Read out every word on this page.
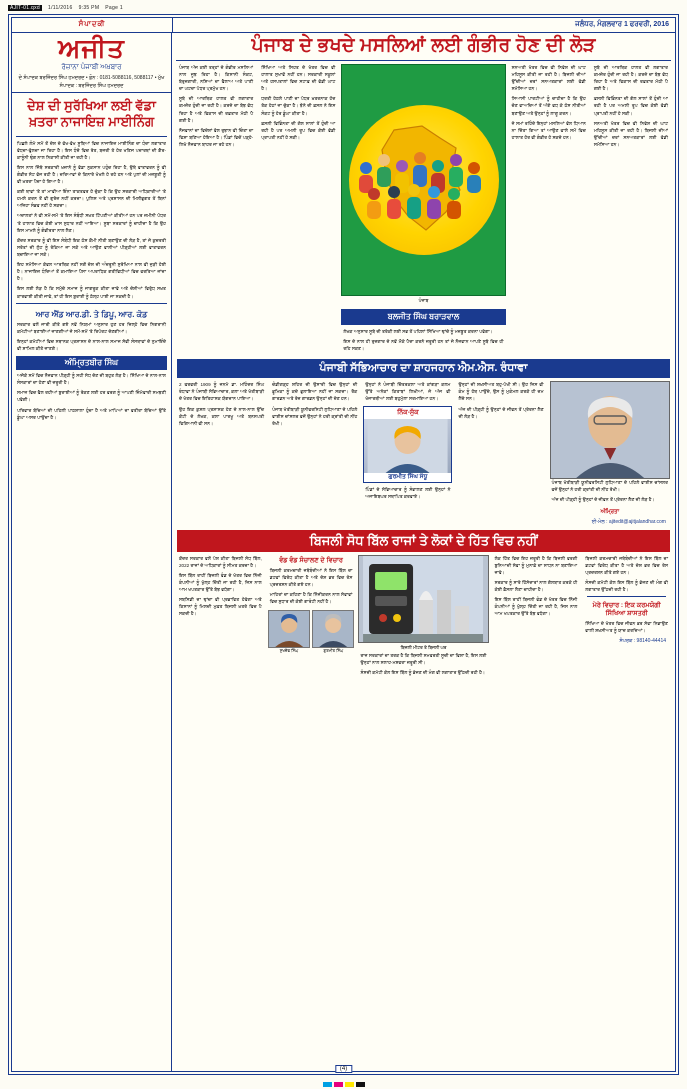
AJIT-01.qxd	1/11/2016 9:35 PM Page 1
ਸੰਪਾਦਕੀ	ਜਲੰਧਰ, ਮੰਗਲਵਾਰ 1 ਫਰਵਰੀ, 2016
ਅਜੀਤ
ਰੋਜ਼ਾਨਾ ਪੰਜਾਬੀ ਅਖ਼ਬਾਰ
ਦੇ ਸੰਪਾਦਕ ਬਰਜਿੰਦਰ ਸਿੰਘ ਹਮਦਰਦ • ਫ਼ੋਨ : 0181-5088116, 5088117 • ਮੁੱਖ ਸੰਪਾਦਕ : ਬਰਜਿੰਦਰ ਸਿੰਘ ਹਮਦਰਦ
ਦੇਸ਼ ਦੀ ਸੁਰੱਖਿਆ ਲਈ ਵੱਡਾ ਖ਼ਤਰਾ ਨਾਜਾਇਜ਼ ਮਾਈਨਿੰਗ

ਪਿਛਲੇ ਲੰਮੇ ਸਮੇਂ ਤੋਂ ਦੇਸ਼ ਦੇ ਵੱਖ-ਵੱਖ ਸੂਬਿਆਂ ਵਿਚ ਨਾਜਾਇਜ਼ ਮਾਈਨਿੰਗ ਦਾ ਧੰਦਾ ਲਗਾਤਾਰ ਵੱਧਦਾ-ਫੁੱਲਦਾ ਜਾ ਰਿਹਾ ਹੈ। ਇਸ ਧੰਦੇ ਵਿਚ ਰੇਤ, ਬਜਰੀ ਤੇ ਹੋਰ ਖਣਿਜ ਪਦਾਰਥਾਂ ਦੀ ਗ਼ੈਰ-ਕਾਨੂੰਨੀ ਢੰਗ ਨਾਲ ਨਿਕਾਸੀ ਕੀਤੀ ਜਾ ਰਹੀ ਹੈ।

ਇਸ ਨਾਲ ਜਿੱਥੇ ਸਰਕਾਰੀ ਖ਼ਜ਼ਾਨੇ ਨੂੰ ਵੱਡਾ ਨੁਕਸਾਨ ਪਹੁੰਚ ਰਿਹਾ ਹੈ, ਉਥੇ ਵਾਤਾਵਰਨ ਨੂੰ ਵੀ ਗੰਭੀਰ ਸੱਟ ਵੱਜ ਰਹੀ ਹੈ। ਦਰਿਆਵਾਂ ਦੇ ਕਿਨਾਰੇ ਖੋਖਲੇ ਹੋ ਰਹੇ ਹਨ ਅਤੇ ਪੁਲਾਂ ਦੀ ਮਜ਼ਬੂਤੀ ਨੂੰ ਵੀ ਖ਼ਤਰਾ ਪੈਦਾ ਹੋ ਗਿਆ ਹੈ।

ਕਈ ਥਾਵਾਂ 'ਤੇ ਤਾਂ ਮਾਫੀਆ ਇੰਨਾ ਤਾਕਤਵਰ ਹੋ ਚੁੱਕਾ ਹੈ ਕਿ ਉਹ ਸਰਕਾਰੀ ਅਧਿਕਾਰੀਆਂ 'ਤੇ ਹਮਲੇ ਕਰਨ ਤੋਂ ਵੀ ਗੁਰੇਜ਼ ਨਹੀਂ ਕਰਦਾ। ਪੁਲਿਸ ਅਤੇ ਪ੍ਰਸ਼ਾਸਨ ਦੀ ਮਿਲੀਭੁਗਤ ਤੋਂ ਬਿਨਾਂ ਅਜਿਹਾ ਸੰਭਵ ਨਹੀਂ ਹੋ ਸਕਦਾ।

ਅਦਾਲਤਾਂ ਨੇ ਵੀ ਸਮੇਂ-ਸਮੇਂ 'ਤੇ ਇਸ ਸੰਬੰਧੀ ਸਖ਼ਤ ਟਿੱਪਣੀਆਂ ਕੀਤੀਆਂ ਹਨ ਪਰ ਜ਼ਮੀਨੀ ਪੱਧਰ 'ਤੇ ਹਾਲਾਤ ਵਿਚ ਕੋਈ ਖ਼ਾਸ ਸੁਧਾਰ ਨਹੀਂ ਆਇਆ। ਸੂਬਾ ਸਰਕਾਰਾਂ ਨੂੰ ਚਾਹੀਦਾ ਹੈ ਕਿ ਉਹ ਇਸ ਮਾਮਲੇ ਨੂੰ ਗੰਭੀਰਤਾ ਨਾਲ ਲੈਣ।

ਕੇਂਦਰ ਸਰਕਾਰ ਨੂੰ ਵੀ ਇਸ ਸੰਬੰਧੀ ਇਕ ਠੋਸ ਕੌਮੀ ਨੀਤੀ ਬਣਾਉਣ ਦੀ ਲੋੜ ਹੈ, ਤਾਂ ਜੋ ਕੁਦਰਤੀ ਸਰੋਤਾਂ ਦੀ ਲੁੱਟ ਨੂੰ ਰੋਕਿਆ ਜਾ ਸਕੇ ਅਤੇ ਆਉਣ ਵਾਲੀਆਂ ਪੀੜ੍ਹੀਆਂ ਲਈ ਵਾਤਾਵਰਨ ਬਚਾਇਆ ਜਾ ਸਕੇ।

ਇਹ ਸਮੱਸਿਆ ਕੇਵਲ ਆਰਥਿਕ ਨਹੀਂ ਸਗੋਂ ਦੇਸ਼ ਦੀ ਅੰਦਰੂਨੀ ਸੁਰੱਖਿਆ ਨਾਲ ਵੀ ਜੁੜੀ ਹੋਈ ਹੈ। ਨਾਜਾਇਜ਼ ਧੰਦਿਆਂ ਤੋਂ ਕਮਾਇਆ ਪੈਸਾ ਅਪਰਾਧਿਕ ਗਤੀਵਿਧੀਆਂ ਵਿਚ ਵਰਤਿਆ ਜਾਂਦਾ ਹੈ।

ਇਸ ਲਈ ਲੋੜ ਹੈ ਕਿ ਸਮੁੱਚੇ ਸਮਾਜ ਨੂੰ ਜਾਗਰੂਕ ਕੀਤਾ ਜਾਵੇ ਅਤੇ ਦੋਸ਼ੀਆਂ ਵਿਰੁੱਧ ਸਖ਼ਤ ਕਾਰਵਾਈ ਕੀਤੀ ਜਾਵੇ, ਤਾਂ ਹੀ ਇਸ ਬੁਰਾਈ ਨੂੰ ਠੱਲ੍ਹ ਪਾਈ ਜਾ ਸਕਦੀ ਹੈ।

ਆਰ ਐਂਡ ਆਰ.ਡੀ. ਤੇ ਡਿਪੂ, ਆਰ. ਕੋਡ

ਸਰਕਾਰ ਵਲੋਂ ਜਾਰੀ ਕੀਤੇ ਗਏ ਨਵੇਂ ਨਿਯਮਾਂ ਅਨੁਸਾਰ ਹੁਣ ਹਰ ਜ਼ਿਲ੍ਹੇ ਵਿਚ ਨਿਗਰਾਨੀ ਕਮੇਟੀਆਂ ਬਣਾਈਆਂ ਜਾਣਗੀਆਂ ਜੋ ਸਮੇਂ-ਸਮੇਂ 'ਤੇ ਰਿਪੋਰਟ ਦੇਣਗੀਆਂ।

ਇਨ੍ਹਾਂ ਕਮੇਟੀਆਂ ਵਿਚ ਸਥਾਨਕ ਪ੍ਰਸ਼ਾਸਨ ਦੇ ਨਾਲ-ਨਾਲ ਸਮਾਜ ਸੇਵੀ ਸੰਸਥਾਵਾਂ ਦੇ ਨੁਮਾਇੰਦੇ ਵੀ ਸ਼ਾਮਿਲ ਕੀਤੇ ਜਾਣਗੇ।

ਅੰਮ੍ਰਿਤਬੀਰ ਸਿੰਘ

ਅਜੋਕੇ ਸਮੇਂ ਵਿਚ ਨੌਜਵਾਨ ਪੀੜ੍ਹੀ ਨੂੰ ਸਹੀ ਸੇਧ ਦੇਣ ਦੀ ਬਹੁਤ ਲੋੜ ਹੈ। ਸਿੱਖਿਆ ਦੇ ਨਾਲ-ਨਾਲ ਸੰਸਕਾਰਾਂ ਦਾ ਹੋਣਾ ਵੀ ਜ਼ਰੂਰੀ ਹੈ।

ਸਮਾਜ ਵਿਚ ਫੈਲ ਰਹੀਆਂ ਬੁਰਾਈਆਂ ਨੂੰ ਰੋਕਣ ਲਈ ਹਰ ਵਰਗ ਨੂੰ ਆਪਣੀ ਜ਼ਿੰਮੇਵਾਰੀ ਸਮਝਣੀ ਪਵੇਗੀ।

ਪਰਿਵਾਰ ਬੱਚਿਆਂ ਦੀ ਪਹਿਲੀ ਪਾਠਸ਼ਾਲਾ ਹੁੰਦਾ ਹੈ ਅਤੇ ਮਾਪਿਆਂ ਦਾ ਵਤੀਰਾ ਬੱਚਿਆਂ ਉੱਤੇ ਡੂੰਘਾ ਅਸਰ ਪਾਉਂਦਾ ਹੈ।

ਪੰਜਾਬ ਦੇ ਭਖਦੇ ਮਸਲਿਆਂ ਲਈ ਗੰਭੀਰ ਹੋਣ ਦੀ ਲੋੜ

ਪੰਜਾਬ ਅੱਜ ਕਈ ਤਰ੍ਹਾਂ ਦੇ ਗੰਭੀਰ ਮਸਲਿਆਂ ਨਾਲ ਜੂਝ ਰਿਹਾ ਹੈ। ਕਿਸਾਨੀ ਸੰਕਟ, ਬੇਰੁਜ਼ਗਾਰੀ, ਨਸ਼ਿਆਂ ਦਾ ਫੈਲਾਅ ਅਤੇ ਪਾਣੀ ਦਾ ਘਟਦਾ ਪੱਧਰ ਪ੍ਰਮੁੱਖ ਹਨ।

ਸੂਬੇ ਦੀ ਆਰਥਿਕ ਹਾਲਤ ਵੀ ਲਗਾਤਾਰ ਕਮਜ਼ੋਰ ਹੁੰਦੀ ਜਾ ਰਹੀ ਹੈ। ਕਰਜ਼ੇ ਦਾ ਬੋਝ ਵੱਧ ਰਿਹਾ ਹੈ ਅਤੇ ਵਿਕਾਸ ਦੀ ਰਫ਼ਤਾਰ ਮੱਠੀ ਪੈ ਗਈ ਹੈ।

ਨੌਜਵਾਨਾਂ ਦਾ ਵਿਦੇਸ਼ਾਂ ਵੱਲ ਰੁਝਾਨ ਵੀ ਚਿੰਤਾ ਦਾ ਵਿਸ਼ਾ ਬਣਿਆ ਹੋਇਆ ਹੈ। ਪਿੰਡਾਂ ਵਿਚੋਂ ਪੜ੍ਹੇ-ਲਿਖੇ ਨੌਜਵਾਨ ਬਾਹਰ ਜਾ ਰਹੇ ਹਨ।

ਸਿੱਖਿਆ ਅਤੇ ਸਿਹਤ ਦੇ ਖੇਤਰ ਵਿਚ ਵੀ ਹਾਲਾਤ ਸੁਖਾਵੇਂ ਨਹੀਂ ਹਨ। ਸਰਕਾਰੀ ਸਕੂਲਾਂ ਅਤੇ ਹਸਪਤਾਲਾਂ ਵਿਚ ਸਟਾਫ਼ ਦੀ ਵੱਡੀ ਘਾਟ ਹੈ।

ਧਰਤੀ ਹੇਠਲੇ ਪਾਣੀ ਦਾ ਪੱਧਰ ਖ਼ਤਰਨਾਕ ਹੱਦ ਤੱਕ ਹੇਠਾਂ ਜਾ ਚੁੱਕਾ ਹੈ। ਝੋਨੇ ਦੀ ਫ਼ਸਲ ਨੇ ਇਸ ਸੰਕਟ ਨੂੰ ਹੋਰ ਡੂੰਘਾ ਕੀਤਾ ਹੈ।

ਫ਼ਸਲੀ ਵਿਭਿੰਨਤਾ ਦੀ ਗੱਲ ਸਾਲਾਂ ਤੋਂ ਹੁੰਦੀ ਆ ਰਹੀ ਹੈ ਪਰ ਅਮਲੀ ਰੂਪ ਵਿਚ ਕੋਈ ਵੱਡੀ ਪ੍ਰਾਪਤੀ ਨਹੀਂ ਹੋ ਸਕੀ।

ਪੰਜਾਬ
ਬਲਜੀਤ ਸਿੰਘ ਬਰਾੜਵਾਲ

ਲੇਖਕ ਅਨੁਸਾਰ ਸੂਬੇ ਦੀ ਤਰੱਕੀ ਲਈ ਸਭ ਤੋਂ ਪਹਿਲਾਂ ਸਿੱਖਿਆ ਢਾਂਚੇ ਨੂੰ ਮਜ਼ਬੂਤ ਕਰਨਾ ਪਵੇਗਾ।

ਇਸ ਦੇ ਨਾਲ ਹੀ ਰੁਜ਼ਗਾਰ ਦੇ ਨਵੇਂ ਮੌਕੇ ਪੈਦਾ ਕਰਨੇ ਜ਼ਰੂਰੀ ਹਨ ਤਾਂ ਜੋ ਨੌਜਵਾਨ ਆਪਣੇ ਸੂਬੇ ਵਿਚ ਹੀ ਰਹਿ ਸਕਣ।

ਸਨਅਤੀ ਖੇਤਰ ਵਿਚ ਵੀ ਨਿਵੇਸ਼ ਦੀ ਘਾਟ ਮਹਿਸੂਸ ਕੀਤੀ ਜਾ ਰਹੀ ਹੈ। ਬਿਜਲੀ ਦੀਆਂ ਉੱਚੀਆਂ ਦਰਾਂ ਸਨਅਤਕਾਰਾਂ ਲਈ ਵੱਡੀ ਸਮੱਸਿਆ ਹਨ।

ਸਿਆਸੀ ਪਾਰਟੀਆਂ ਨੂੰ ਚਾਹੀਦਾ ਹੈ ਕਿ ਉਹ ਚੋਣ ਵਾਅਦਿਆਂ ਤੋਂ ਅੱਗੇ ਵਧ ਕੇ ਠੋਸ ਨੀਤੀਆਂ ਬਣਾਉਣ ਅਤੇ ਉਨ੍ਹਾਂ ਨੂੰ ਲਾਗੂ ਕਰਨ।

ਜੇ ਸਮਾਂ ਰਹਿੰਦੇ ਇਨ੍ਹਾਂ ਮਸਲਿਆਂ ਵੱਲ ਧਿਆਨ ਨਾ ਦਿੱਤਾ ਗਿਆ ਤਾਂ ਆਉਣ ਵਾਲੇ ਸਮੇਂ ਵਿਚ ਹਾਲਾਤ ਹੋਰ ਵੀ ਗੰਭੀਰ ਹੋ ਸਕਦੇ ਹਨ।

ਸੂਬੇ ਦੀ ਆਰਥਿਕ ਹਾਲਤ ਵੀ ਲਗਾਤਾਰ ਕਮਜ਼ੋਰ ਹੁੰਦੀ ਜਾ ਰਹੀ ਹੈ। ਕਰਜ਼ੇ ਦਾ ਬੋਝ ਵੱਧ ਰਿਹਾ ਹੈ ਅਤੇ ਵਿਕਾਸ ਦੀ ਰਫ਼ਤਾਰ ਮੱਠੀ ਪੈ ਗਈ ਹੈ।

ਫ਼ਸਲੀ ਵਿਭਿੰਨਤਾ ਦੀ ਗੱਲ ਸਾਲਾਂ ਤੋਂ ਹੁੰਦੀ ਆ ਰਹੀ ਹੈ ਪਰ ਅਮਲੀ ਰੂਪ ਵਿਚ ਕੋਈ ਵੱਡੀ ਪ੍ਰਾਪਤੀ ਨਹੀਂ ਹੋ ਸਕੀ।

ਸਨਅਤੀ ਖੇਤਰ ਵਿਚ ਵੀ ਨਿਵੇਸ਼ ਦੀ ਘਾਟ ਮਹਿਸੂਸ ਕੀਤੀ ਜਾ ਰਹੀ ਹੈ। ਬਿਜਲੀ ਦੀਆਂ ਉੱਚੀਆਂ ਦਰਾਂ ਸਨਅਤਕਾਰਾਂ ਲਈ ਵੱਡੀ ਸਮੱਸਿਆ ਹਨ।

ਪੰਜਾਬੀ ਸੱਭਿਆਚਾਰ ਦਾ ਸ਼ਾਹਜਹਾਨ ਐਮ.ਐਸ. ਰੰਧਾਵਾ

2 ਫਰਵਰੀ 1909 ਨੂੰ ਜਨਮੇ ਡਾ. ਮਹਿੰਦਰ ਸਿੰਘ ਰੰਧਾਵਾ ਨੇ ਪੰਜਾਬੀ ਸੱਭਿਆਚਾਰ, ਕਲਾ ਅਤੇ ਖੇਤੀਬਾੜੀ ਦੇ ਖੇਤਰ ਵਿਚ ਇਤਿਹਾਸਕ ਯੋਗਦਾਨ ਪਾਇਆ।

ਉਹ ਇਕ ਕੁਸ਼ਲ ਪ੍ਰਸ਼ਾਸਕ ਹੋਣ ਦੇ ਨਾਲ-ਨਾਲ ਉੱਚ ਕੋਟੀ ਦੇ ਲੇਖਕ, ਕਲਾ ਪਾਰਖੂ ਅਤੇ ਬਨਸਪਤੀ ਵਿਗਿਆਨੀ ਵੀ ਸਨ।

ਚੰਡੀਗੜ੍ਹ ਸ਼ਹਿਰ ਦੀ ਉਸਾਰੀ ਵਿਚ ਉਨ੍ਹਾਂ ਦੀ ਭੂਮਿਕਾ ਨੂੰ ਕਦੇ ਭੁਲਾਇਆ ਨਹੀਂ ਜਾ ਸਕਦਾ। ਰੌਕ ਗਾਰਡਨ ਅਤੇ ਰੋਜ਼ ਗਾਰਡਨ ਉਨ੍ਹਾਂ ਦੀ ਦੇਣ ਹਨ।

ਪੰਜਾਬ ਖੇਤੀਬਾੜੀ ਯੂਨੀਵਰਸਿਟੀ ਲੁਧਿਆਣਾ ਦੇ ਪਹਿਲੇ ਵਾਈਸ ਚਾਂਸਲਰ ਵਜੋਂ ਉਨ੍ਹਾਂ ਨੇ ਹਰੀ ਕ੍ਰਾਂਤੀ ਦੀ ਨੀਂਹ ਰੱਖੀ।

ਉਨ੍ਹਾਂ ਨੇ ਪੰਜਾਬੀ ਚਿੱਤਰਕਲਾ ਅਤੇ ਕਾਂਗੜਾ ਕਲਮ ਉੱਤੇ ਅਨੇਕਾਂ ਕਿਤਾਬਾਂ ਲਿਖੀਆਂ, ਜੋ ਅੱਜ ਵੀ ਖੋਜਾਰਥੀਆਂ ਲਈ ਬਹੁਮੁੱਲਾ ਸਰਮਾਇਆ ਹਨ।

ਨਿੱਕ-ਸੁੱਕ
ਗੁਰਮੀਤ ਸਿੰਘ ਸੰਧੂ

ਪਿੰਡਾਂ ਦੇ ਸੱਭਿਆਚਾਰ ਨੂੰ ਸੰਭਾਲਣ ਲਈ ਉਨ੍ਹਾਂ ਨੇ ਅਜਾਇਬਘਰ ਸਥਾਪਿਤ ਕਰਵਾਏ।

ਉਨ੍ਹਾਂ ਦੀ ਸ਼ਖ਼ਸੀਅਤ ਬਹੁ-ਪੱਖੀ ਸੀ। ਉਹ ਜਿਸ ਵੀ ਕੰਮ ਨੂੰ ਹੱਥ ਪਾਉਂਦੇ, ਉਸ ਨੂੰ ਮੁਕੰਮਲ ਕਰਕੇ ਹੀ ਦਮ ਲੈਂਦੇ ਸਨ।

ਅੱਜ ਦੀ ਪੀੜ੍ਹੀ ਨੂੰ ਉਨ੍ਹਾਂ ਦੇ ਜੀਵਨ ਤੋਂ ਪ੍ਰੇਰਨਾ ਲੈਣ ਦੀ ਲੋੜ ਹੈ।

ਪੰਜਾਬ ਖੇਤੀਬਾੜੀ ਯੂਨੀਵਰਸਿਟੀ ਲੁਧਿਆਣਾ ਦੇ ਪਹਿਲੇ ਵਾਈਸ ਚਾਂਸਲਰ ਵਜੋਂ ਉਨ੍ਹਾਂ ਨੇ ਹਰੀ ਕ੍ਰਾਂਤੀ ਦੀ ਨੀਂਹ ਰੱਖੀ।

ਅੱਜ ਦੀ ਪੀੜ੍ਹੀ ਨੂੰ ਉਨ੍ਹਾਂ ਦੇ ਜੀਵਨ ਤੋਂ ਪ੍ਰੇਰਨਾ ਲੈਣ ਦੀ ਲੋੜ ਹੈ।

ਅੰਮ੍ਰਿਤਾ
ਈ-ਮੇਲ : ajitedit@ajitjalandhar.com
ਬਿਜਲੀ ਸੋਧ ਬਿੱਲ ਰਾਜਾਂ ਤੇ ਲੋਕਾਂ ਦੇ ਹਿੱਤ ਵਿਚ ਨਹੀਂ

ਕੇਂਦਰ ਸਰਕਾਰ ਵਲੋਂ ਪੇਸ਼ ਕੀਤਾ ਬਿਜਲੀ ਸੋਧ ਬਿੱਲ, 2022 ਰਾਜਾਂ ਦੇ ਅਧਿਕਾਰਾਂ ਨੂੰ ਸੀਮਤ ਕਰਦਾ ਹੈ।

ਇਸ ਬਿੱਲ ਰਾਹੀਂ ਬਿਜਲੀ ਵੰਡ ਦੇ ਖੇਤਰ ਵਿਚ ਨਿੱਜੀ ਕੰਪਨੀਆਂ ਨੂੰ ਖੁੱਲ੍ਹ ਦਿੱਤੀ ਜਾ ਰਹੀ ਹੈ, ਜਿਸ ਨਾਲ ਆਮ ਖਪਤਕਾਰ ਉੱਤੇ ਬੋਝ ਵਧੇਗਾ।

ਸਬਸਿਡੀ ਦਾ ਢਾਂਚਾ ਵੀ ਪ੍ਰਭਾਵਿਤ ਹੋਵੇਗਾ ਅਤੇ ਕਿਸਾਨਾਂ ਨੂੰ ਮਿਲਦੀ ਮੁਫ਼ਤ ਬਿਜਲੀ ਖ਼ਤਰੇ ਵਿਚ ਪੈ ਸਕਦੀ ਹੈ।

ਵੰਡ ਵੰਡ ਸੰਚਾਲਣ ਦੇ ਵਿਚਾਰ

ਬਿਜਲੀ ਕਰਮਚਾਰੀ ਜਥੇਬੰਦੀਆਂ ਨੇ ਇਸ ਬਿੱਲ ਦਾ ਡਟਵਾਂ ਵਿਰੋਧ ਕੀਤਾ ਹੈ ਅਤੇ ਦੇਸ਼ ਭਰ ਵਿਚ ਰੋਸ ਪ੍ਰਦਰਸ਼ਨ ਕੀਤੇ ਗਏ ਹਨ।

ਮਾਹਿਰਾਂ ਦਾ ਕਹਿਣਾ ਹੈ ਕਿ ਨਿੱਜੀਕਰਨ ਨਾਲ ਸੇਵਾਵਾਂ ਵਿਚ ਸੁਧਾਰ ਦੀ ਕੋਈ ਗਾਰੰਟੀ ਨਹੀਂ ਹੈ।

ਸੁਖਦੇਵ ਸਿੰਘ	ਗੁਰਮੀਤ ਸਿੰਘ
ਬਿਜਲੀ ਮੀਟਰ ਤੇ ਬਿਜਲੀ ਘਰ

ਰਾਜ ਸਰਕਾਰਾਂ ਦਾ ਤਰਕ ਹੈ ਕਿ ਬਿਜਲੀ ਸਮਵਰਤੀ ਸੂਚੀ ਦਾ ਵਿਸ਼ਾ ਹੈ, ਇਸ ਲਈ ਉਨ੍ਹਾਂ ਨਾਲ ਸਲਾਹ-ਮਸ਼ਵਰਾ ਜ਼ਰੂਰੀ ਸੀ।

ਸੰਸਦੀ ਕਮੇਟੀ ਕੋਲ ਇਸ ਬਿੱਲ ਨੂੰ ਭੇਜਣ ਦੀ ਮੰਗ ਵੀ ਲਗਾਤਾਰ ਉੱਠਦੀ ਰਹੀ ਹੈ।

ਲੋਕ ਹਿੱਤ ਵਿਚ ਇਹ ਜ਼ਰੂਰੀ ਹੈ ਕਿ ਬਿਜਲੀ ਵਰਗੀ ਬੁਨਿਆਦੀ ਸੇਵਾ ਨੂੰ ਮੁਨਾਫ਼ੇ ਦਾ ਸਾਧਨ ਨਾ ਬਣਾਇਆ ਜਾਵੇ।

ਸਰਕਾਰ ਨੂੰ ਸਾਰੇ ਹਿੱਸੇਦਾਰਾਂ ਨਾਲ ਗੱਲਬਾਤ ਕਰਕੇ ਹੀ ਕੋਈ ਫ਼ੈਸਲਾ ਲੈਣਾ ਚਾਹੀਦਾ ਹੈ।

ਇਸ ਬਿੱਲ ਰਾਹੀਂ ਬਿਜਲੀ ਵੰਡ ਦੇ ਖੇਤਰ ਵਿਚ ਨਿੱਜੀ ਕੰਪਨੀਆਂ ਨੂੰ ਖੁੱਲ੍ਹ ਦਿੱਤੀ ਜਾ ਰਹੀ ਹੈ, ਜਿਸ ਨਾਲ ਆਮ ਖਪਤਕਾਰ ਉੱਤੇ ਬੋਝ ਵਧੇਗਾ।

ਬਿਜਲੀ ਕਰਮਚਾਰੀ ਜਥੇਬੰਦੀਆਂ ਨੇ ਇਸ ਬਿੱਲ ਦਾ ਡਟਵਾਂ ਵਿਰੋਧ ਕੀਤਾ ਹੈ ਅਤੇ ਦੇਸ਼ ਭਰ ਵਿਚ ਰੋਸ ਪ੍ਰਦਰਸ਼ਨ ਕੀਤੇ ਗਏ ਹਨ।

ਸੰਸਦੀ ਕਮੇਟੀ ਕੋਲ ਇਸ ਬਿੱਲ ਨੂੰ ਭੇਜਣ ਦੀ ਮੰਗ ਵੀ ਲਗਾਤਾਰ ਉੱਠਦੀ ਰਹੀ ਹੈ।

ਮੇਰੇ ਵਿਚਾਰ : ਇਕ ਕਰਮਯੋਗੀ ਸਿੱਖਿਆ ਸ਼ਾਸਤਰੀ

ਸਿੱਖਿਆ ਦੇ ਖੇਤਰ ਵਿਚ ਜੀਵਨ ਭਰ ਸੇਵਾ ਨਿਭਾਉਣ ਵਾਲੀ ਸ਼ਖ਼ਸੀਅਤ ਨੂੰ ਯਾਦ ਕਰਦਿਆਂ।

ਸੰਪਰਕ : 98140-44414
(4)
